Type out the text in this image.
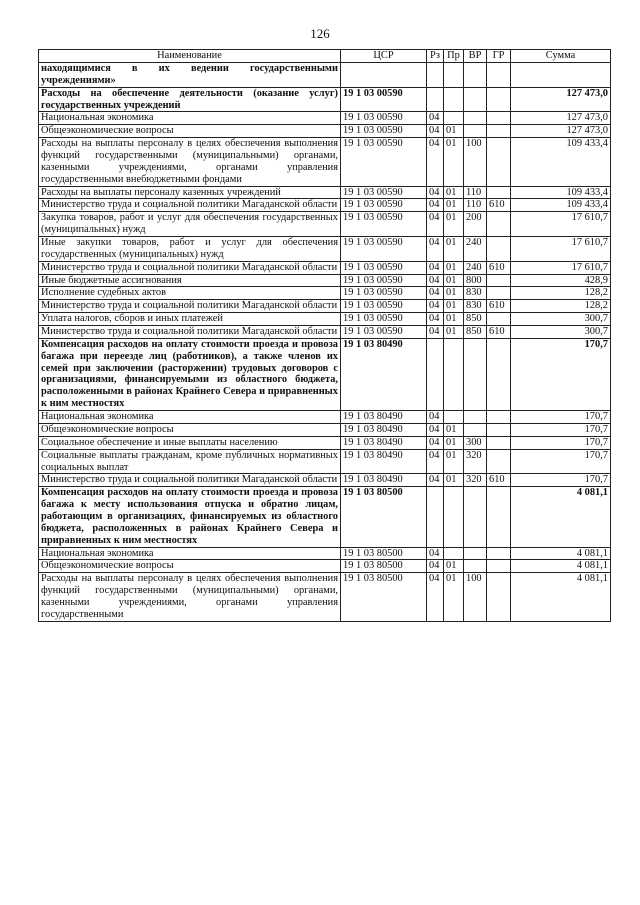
126
Наименование	ЦСР	Рз	Пр	ВР	ГР	Сумма
находящимися в их ведении государственными учреждениями»						
Расходы на обеспечение деятельности (оказание услуг) государственных учреждений	19 1 03 00590					127 473,0
Национальная экономика	19 1 03 00590	04				127 473,0
Общеэкономические вопросы	19 1 03 00590	04	01			127 473,0
Расходы на выплаты персоналу в целях обеспечения выполнения функций государственными (муниципальными) органами, казенными учреждениями, органами управления государственными внебюджетными фондами	19 1 03 00590	04	01	100		109 433,4
Расходы на выплаты персоналу казенных учреждений	19 1 03 00590	04	01	110		109 433,4
Министерство труда и социальной политики Магаданской области	19 1 03 00590	04	01	110	610	109 433,4
Закупка товаров, работ и услуг для обеспечения государственных (муниципальных) нужд	19 1 03 00590	04	01	200		17 610,7
Иные закупки товаров, работ и услуг для обеспечения государственных (муниципальных) нужд	19 1 03 00590	04	01	240		17 610,7
Министерство труда и социальной политики Магаданской области	19 1 03 00590	04	01	240	610	17 610,7
Иные бюджетные ассигнования	19 1 03 00590	04	01	800		428,9
Исполнение судебных актов	19 1 03 00590	04	01	830		128,2
Министерство труда и социальной политики Магаданской области	19 1 03 00590	04	01	830	610	128,2
Уплата налогов, сборов и иных платежей	19 1 03 00590	04	01	850		300,7
Министерство труда и социальной политики Магаданской области	19 1 03 00590	04	01	850	610	300,7
Компенсация расходов на оплату стоимости проезда и провоза багажа при переезде лиц (работников), а также членов их семей при заключении (расторжении) трудовых договоров с организациями, финансируемыми из областного бюджета, расположенными в районах Крайнего Севера и приравненных к ним местностях	19 1 03 80490					170,7
Национальная экономика	19 1 03 80490	04				170,7
Общеэкономические вопросы	19 1 03 80490	04	01			170,7
Социальное обеспечение и иные выплаты населению	19 1 03 80490	04	01	300		170,7
Социальные выплаты гражданам, кроме публичных нормативных социальных выплат	19 1 03 80490	04	01	320		170,7
Министерство труда и социальной политики Магаданской области	19 1 03 80490	04	01	320	610	170,7
Компенсация расходов на оплату стоимости проезда и провоза багажа к месту использования отпуска и обратно лицам, работающим в организациях, финансируемых из областного бюджета, расположенных в районах Крайнего Севера и приравненных к ним местностях	19 1 03 80500					4 081,1
Национальная экономика	19 1 03 80500	04				4 081,1
Общеэкономические вопросы	19 1 03 80500	04	01			4 081,1
Расходы на выплаты персоналу в целях обеспечения выполнения функций государственными (муниципальными) органами, казенными учреждениями, органами управления государственными	19 1 03 80500	04	01	100		4 081,1
